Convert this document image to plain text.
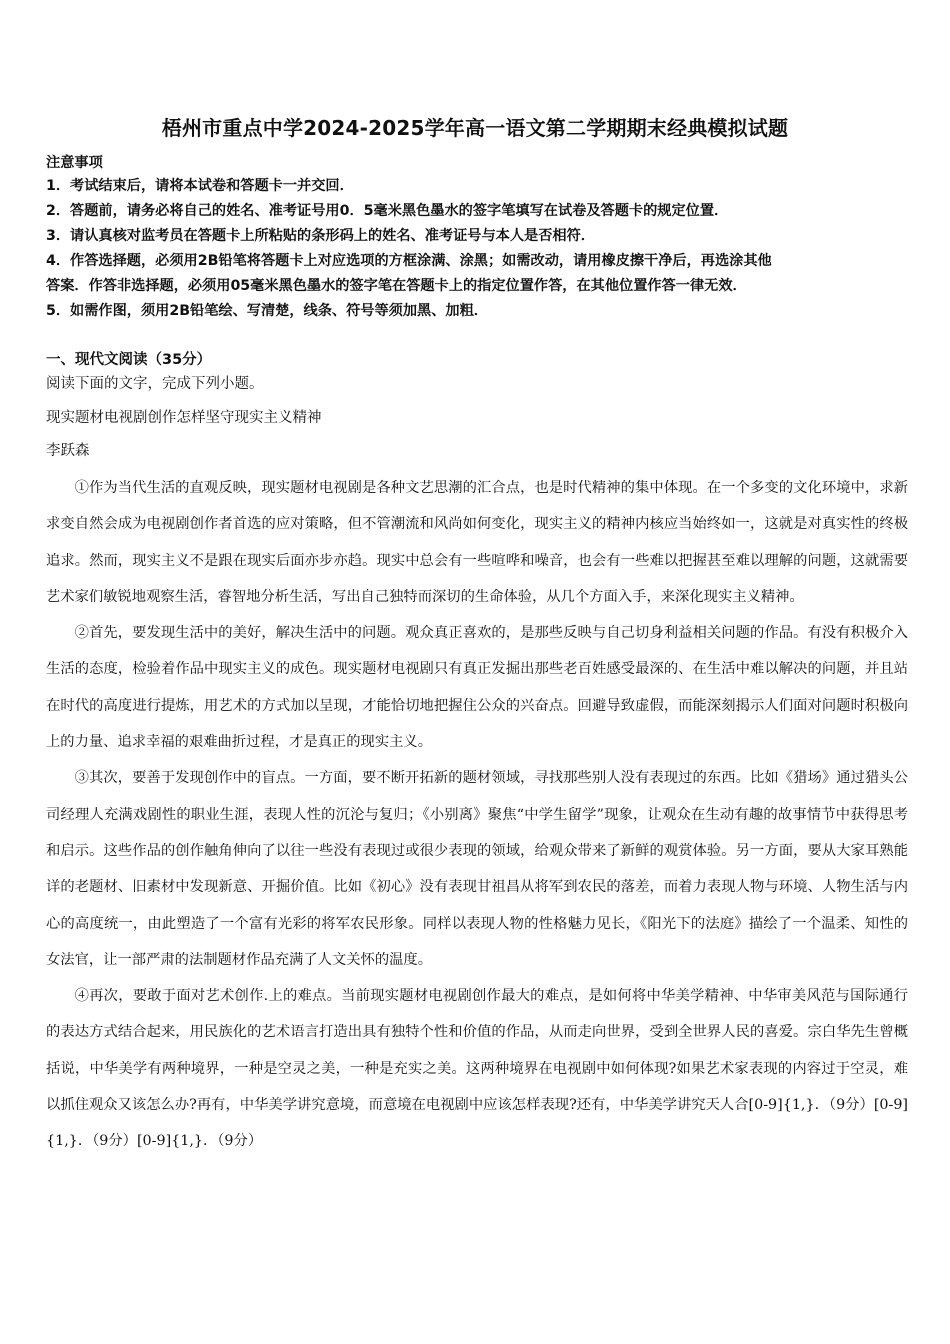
梧州市重点中学2024-2025学年高一语文第二学期期末经典模拟试题
注意事项
1．考试结束后，请将本试卷和答题卡一并交回．
2．答题前，请务必将自己的姓名、准考证号用0．5毫米黑色墨水的签字笔填写在试卷及答题卡的规定位置．
3．请认真核对监考员在答题卡上所粘贴的条形码上的姓名、准考证号与本人是否相符．
4．作答选择题，必须用2B铅笔将答题卡上对应选项的方框涂满、涂黑；如需改动，请用橡皮擦干净后，再选涂其他
答案．作答非选择题，必须用05毫米黑色墨水的签字笔在答题卡上的指定位置作答，在其他位置作答一律无效．
5．如需作图，须用2B铅笔绘、写清楚，线条、符号等须加黑、加粗．
一、现代文阅读（35分）
阅读下面的文字，完成下列小题。
现实题材电视剧创作怎样坚守现实主义精神
李跃森

①作为当代生活的直观反映，现实题材电视剧是各种文艺思潮的汇合点，也是时代精神的集中体现。在一个多变的文化环境中，求新求变自然会成为电视剧创作者首选的应对策略，但不管潮流和风尚如何变化，现实主义的精神内核应当始终如一，这就是对真实性的终极追求。然而，现实主义不是跟在现实后面亦步亦趋。现实中总会有一些喧哗和噪音，也会有一些难以把握甚至难以理解的问题，这就需要艺术家们敏锐地观察生活，睿智地分析生活，写出自己独特而深切的生命体验，从几个方面入手，来深化现实主义精神。

②首先，要发现生活中的美好，解决生活中的问题。观众真正喜欢的，是那些反映与自己切身利益相关问题的作品。有没有积极介入生活的态度，检验着作品中现实主义的成色。现实题材电视剧只有真正发掘出那些老百姓感受最深的、在生活中难以解决的问题，并且站在时代的高度进行提炼，用艺术的方式加以呈现，才能恰切地把握住公众的兴奋点。回避导致虚假，而能深刻揭示人们面对问题时积极向上的力量、追求幸福的艰难曲折过程，才是真正的现实主义。

③其次，要善于发现创作中的盲点。一方面，要不断开拓新的题材领域，寻找那些别人没有表现过的东西。比如《猎场》通过猎头公司经理人充满戏剧性的职业生涯，表现人性的沉沦与复归；《小别离》聚焦“中学生留学”现象，让观众在生动有趣的故事情节中获得思考和启示。这些作品的创作触角伸向了以往一些没有表现过或很少表现的领域，给观众带来了新鲜的观赏体验。另一方面，要从大家耳熟能详的老题材、旧素材中发现新意、开掘价值。比如《初心》没有表现甘祖昌从将军到农民的落差，而着力表现人物与环境、人物生活与内心的高度统一，由此塑造了一个富有光彩的将军农民形象。同样以表现人物的性格魅力见长，《阳光下的法庭》描绘了一个温柔、知性的女法官，让一部严肃的法制题材作品充满了人文关怀的温度。

④再次，要敢于面对艺术创作.上的难点。当前现实题材电视剧创作最大的难点，是如何将中华美学精神、中华审美风范与国际通行的表达方式结合起来，用民族化的艺术语言打造出具有独特个性和价值的作品，从而走向世界，受到全世界人民的喜爱。宗白华先生曾概括说，中华美学有两种境界，一种是空灵之美，一种是充实之美。这两种境界在电视剧中如何体现?如果艺术家表现的内容过于空灵，难以抓住观众又该怎么办?再有，中华美学讲究意境，而意境在电视剧中应该怎样表现?还有，中华美学讲究天人合[0-9]{1,}．（9分）[0-9]{1,}．（9分）[0-9]{1,}．（9分）
